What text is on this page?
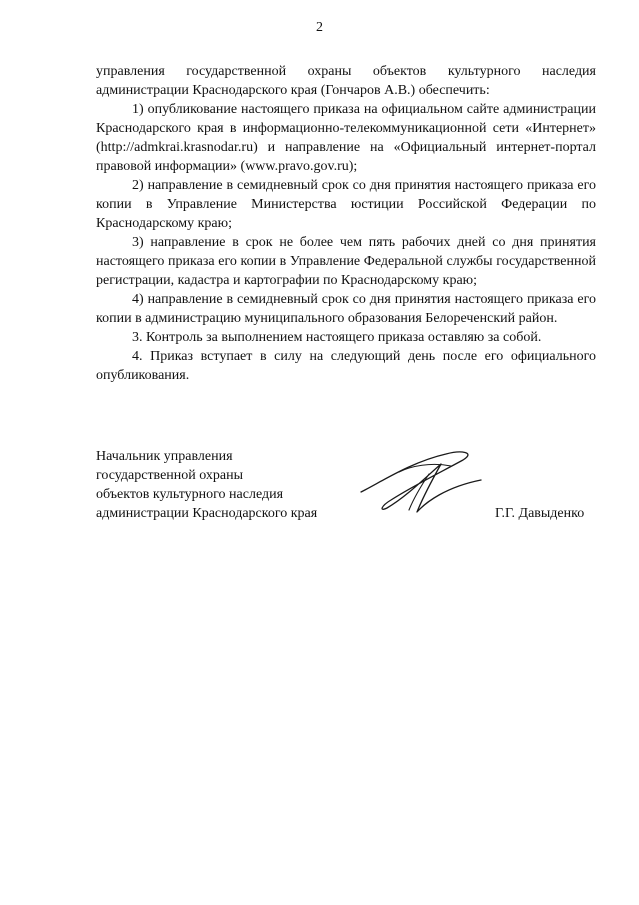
2

управления государственной охраны объектов культурного наследия администрации Краснодарского края (Гончаров А.В.) обеспечить:

1) опубликование настоящего приказа на официальном сайте администрации Краснодарского края в информационно-телекоммуникационной сети «Интернет» (http://admkrai.krasnodar.ru) и направление на «Официальный интернет-портал правовой информации» (www.pravo.gov.ru);

2) направление в семидневный срок со дня принятия настоящего приказа его копии в Управление Министерства юстиции Российской Федерации по Краснодарскому краю;

3) направление в срок не более чем пять рабочих дней со дня принятия настоящего приказа его копии в Управление Федеральной службы государственной регистрации, кадастра и картографии по Краснодарскому краю;

4) направление в семидневный срок со дня принятия настоящего приказа его копии в администрацию муниципального образования Белореченский район.

3. Контроль за выполнением настоящего приказа оставляю за собой.

4. Приказ вступает в силу на следующий день после его официального опубликования.

Начальник управления
государственной охраны
объектов культурного наследия
администрации Краснодарского края	Г.Г. Давыденко
